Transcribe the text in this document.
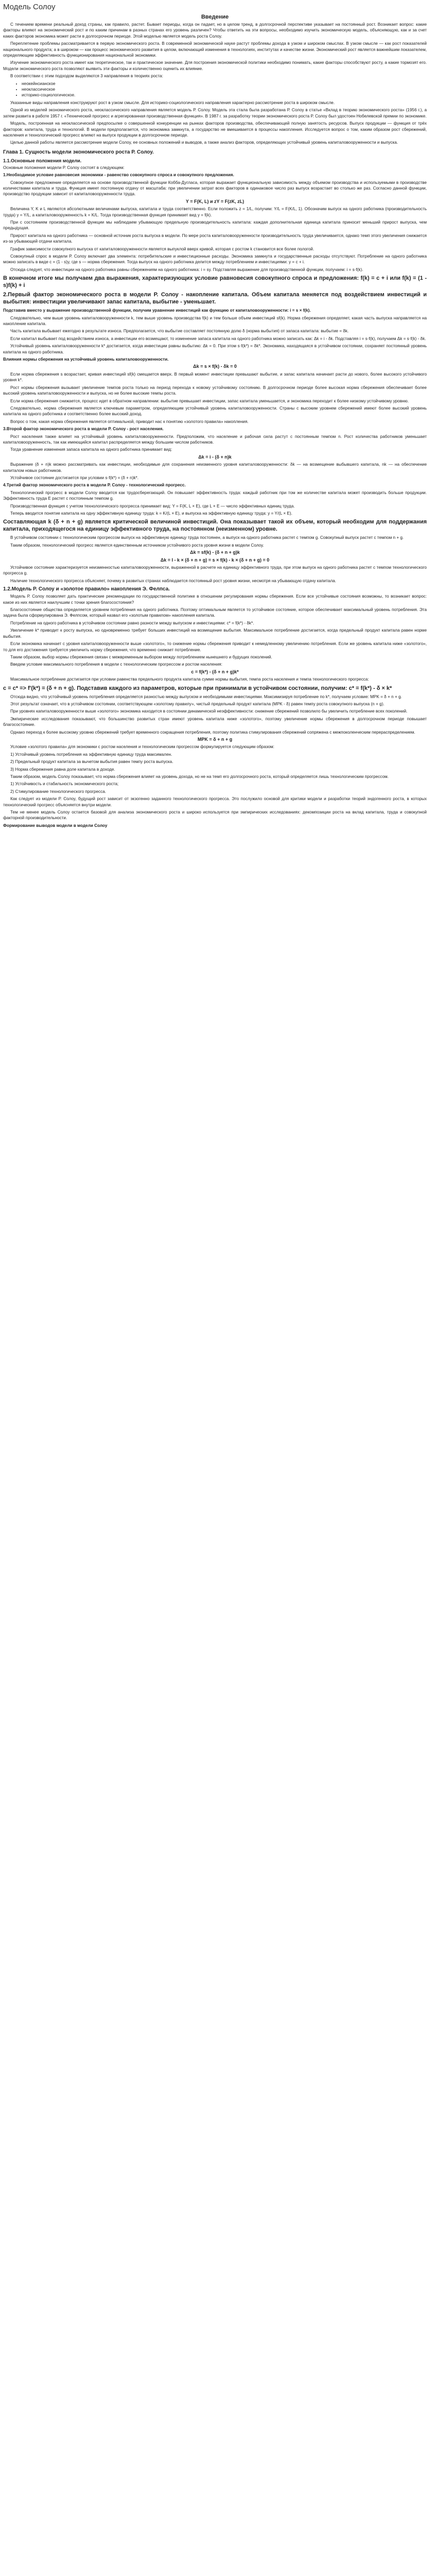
Модель Солоу
Введение

С течением времени реальный доход страны, как правило, растет. Бывает периоды, когда он падает, но в целом тренд, в долгосрочной перспективе указывает на постоянный рост. Возникает вопрос: какие факторы влияют на экономический рост и по каким причинам в разных странах его уровень различен? Чтобы ответить на эти вопросы, необходимо изучить экономическую модель, объясняющую, как и за счет каких факторов экономика может расти в долгосрочном периоде. Этой моделью является модель роста Солоу.

Переплетение проблемы рассматривается в первую экономического роста. В современной экономической науке растут проблемы дохода в узком и широком смыслах. В узком смысле — как рост показателей национального продукта; а в широком — как процесс экономического развития в целом, включающий изменения в технологиях, институтах и качестве жизни. Экономический рост является важнейшим показателем, определяющим эффективность функционирования национальной экономики.

Изучение экономического роста имеет как теоретическое, так и практическое значение. Для построения экономической политики необходимо понимать, какие факторы способствуют росту, а какие тормозят его. Модели экономического роста позволяют выявить эти факторы и количественно оценить их влияние.

В соответствии с этим подходом выделяются 3 направления в теориях роста:

• неокейнсианское
• неоклассическое
• историко-социологическое.

Указанные виды направления конструируют рост в узком смысле. Для историко-социологического направления характерно рассмотрение роста в широком смысле.

Одной из моделей экономического роста, неоклассического направления является модель Р. Солоу. Модель эта стала была разработана Р. Солоу в статье «Вклад в теорию экономического роста» (1956 г.), а затем развита в работе 1957 г. «Технический прогресс и агрегированная производственная функция». В 1987 г. за разработку теории экономического роста Р. Солоу был удостоен Нобелевской премии по экономике.

Модель, построенная на неоклассической предпосылке о совершенной конкуренции на рынках факторов производства, обеспечивающей полную занятость ресурсов. Выпуск продукции — функция от трёх факторов: капитала, труда и технологий. В модели предполагается, что экономика замкнута, а государство не вмешивается в процессы накопления. Исследуется вопрос о том, каким образом рост сбережений, населения и технологический прогресс влияют на выпуск продукции в долгосрочном периоде.

Целью данной работы является рассмотрение модели Солоу, ее основных положений и выводов, а также анализ факторов, определяющих устойчивый уровень капиталовооруженности и выпуска.

Глава 1. Сущность модели экономического роста Р. Солоу.
1.1.Основные положения модели.

Основные положения модели Р. Солоу состоят в следующем:

1.Необходимое условие равновесия экономики - равенство совокупного спроса и совокупного предложения.

Совокупное предложение определяется на основе производственной функции Кобба-Дугласа, которая выражает функциональную зависимость между объемом производства и используемыми в производстве количествами капитала и труда. Функция имеет постоянную отдачу от масштаба: при увеличении затрат всех факторов в одинаковое число раз выпуск возрастает во столько же раз. Согласно данной функции, производство продукции зависит от капиталовооруженности труда.

Y = F(K, L) и zY = F(zK, zL)

Величина Y, K и L являются абсолютными величинами выпуска, капитала и труда соответственно. Если положить z = 1/L, получим: Y/L = F(K/L, 1). Обозначим выпуск на одного работника (производительность труда) y = Y/L, а капиталовооруженность k = K/L. Тогда производственная функция принимает вид y = f(k).

При с состоянием производственной функции мы наблюдаем убывающую предельную производительность капитала: каждая дополнительная единица капитала приносит меньший прирост выпуска, чем предыдущая.

Прирост капитала на одного работника — основной источник роста выпуска в модели. По мере роста капиталовооруженности производительность труда увеличивается, однако темп этого увеличения снижается из-за убывающей отдачи капитала.

График зависимости совокупного выпуска от капиталовооруженности является выпуклой вверх кривой, которая с ростом k становится все более пологой.

Совокупный спрос в модели Р. Солоу включает два элемента: потребительские и инвестиционные расходы. Экономика замкнута и государственные расходы отсутствуют. Потребление на одного работника можно записать в виде c = (1 - s)y, где s — норма сбережения. Тогда выпуск на одного работника делится между потреблением и инвестициями: y = c + i.

Отсюда следует, что инвестиции на одного работника равны сбережениям на одного работника: i = sy. Подставляя выражение для производственной функции, получаем: i = s·f(k).

В конечном итоге мы получаем два выражения, характеризующих условие равновесия совокупного спроса и предложения: f(k) = c + i или f(k) = (1 - s)f(k) + i

2.Первый фактор экономического роста в модели Р. Солоу - накопление капитала. Объем капитала меняется под воздействием инвестиций и выбытия: инвестиции увеличивают запас капитала, выбытие - уменьшает.

Подставив вместо у выражение производственной функции, получим уравнение инвестиций как функцию от капиталовооруженности: i = s × f(k).

Следовательно, чем выше уровень капиталовооруженности k, тем выше уровень производства f(k) и тем больше объем инвестиций sf(k). Норма сбережения определяет, какая часть выпуска направляется на накопление капитала.

Часть капитала выбывает ежегодно в результате износа. Предполагается, что выбытие составляет постоянную долю δ (норма выбытия) от запаса капитала: выбытие = δk.

Если капитал выбывает под воздействием износа, а инвестиции его возмещают, то изменение запаса капитала на одного работника можно записать как: Δk = i - δk. Подставляя i = s·f(k), получаем Δk = s·f(k) - δk.

Устойчивый уровень капиталовооруженности k* достигается, когда инвестиции равны выбытию: Δk = 0. При этом s·f(k*) = δk*. Экономика, находящаяся в устойчивом состоянии, сохраняет постоянный уровень капитала на одного работника.

Влияния нормы сбережения на устойчивый уровень капиталовооруженности.

Δk = s × f(k) - δk = 0

Если норма сбережения s возрастает, кривая инвестиций sf(k) смещается вверх. В первый момент инвестиции превышают выбытие, и запас капитала начинает расти до нового, более высокого устойчивого уровня k*.

Рост нормы сбережения вызывает увеличение темпов роста только на период перехода к новому устойчивому состоянию. В долгосрочном периоде более высокая норма сбережения обеспечивает более высокий уровень капиталовооруженности и выпуска, но не более высокие темпы роста.

Если норма сбережения снижается, процесс идет в обратном направлении: выбытие превышает инвестиции, запас капитала уменьшается, и экономика переходит к более низкому устойчивому уровню.

Следовательно, норма сбережения является ключевым параметром, определяющим устойчивый уровень капиталовооруженности. Страны с высоким уровнем сбережений имеют более высокий уровень капитала на одного работника и соответственно более высокий доход.

Вопрос о том, какая норма сбережения является оптимальной, приводит нас к понятию «золотого правила» накопления.

3.Второй фактор экономического роста в модели Р. Солоу - рост населения.

Рост населения также влияет на устойчивый уровень капиталовооруженности. Предположим, что население и рабочая сила растут с постоянным темпом n. Рост количества работников уменьшает капиталовооруженность, так как имеющийся капитал распределяется между большим числом работников.

Тогда уравнение изменения запаса капитала на одного работника принимает вид:

Δk = i - (δ + n)k

Выражение (δ + n)k можно рассматривать как инвестиции, необходимые для сохранения неизменного уровня капиталовооруженности: δk — на возмещение выбывшего капитала, nk — на обеспечение капиталом новых работников.

Устойчивое состояние достигается при условии s·f(k*) = (δ + n)k*.

4.Третий фактор экономического роста в модели Р. Солоу - технологический прогресс.

Технологический прогресс в модели Солоу вводится как трудосберегающий. Он повышает эффективность труда: каждый работник при том же количестве капитала может производить больше продукции. Эффективность труда E растет с постоянным темпом g.

Производственная функция с учетом технологического прогресса принимает вид: Y = F(K, L × E), где L × E — число эффективных единиц труда.

Теперь вводится понятие капитала на одну эффективную единицу труда: k = K/(L × E), и выпуска на эффективную единицу труда: y = Y/(L × E).

Составляющая k (δ + n + g) является критической величиной инвестиций. Она показывает такой их объем, который необходим для поддержания капитала, приходящегося на единицу эффективного труда, на постоянном (неизменном) уровне.

В устойчивом состоянии с технологическим прогрессом выпуск на эффективную единицу труда постоянен, а выпуск на одного работника растет с темпом g. Совокупный выпуск растет с темпом n + g.

Таким образом, технологический прогресс является единственным источником устойчивого роста уровня жизни в модели Солоу.

Δk = sf(k) - (δ + n + g)k

Δk = I - k × (δ + n + g) = s × f(k) - k × (δ + n + g) = 0

Устойчивое состояние характеризуется неизменностью капиталовооруженности, выраженной в расчете на единицу эффективного труда, при этом выпуск на одного работника растет с темпом технологического прогресса g.

Наличие технологического прогресса объясняет, почему в развитых странах наблюдается постоянный рост уровня жизни, несмотря на убывающую отдачу капитала.

1.2.Модель Р. Солоу и «золотое правило» накопления Э. Фелпса.

Модель Р. Солоу позволяет дать практические рекомендации по государственной политике в отношении регулирования нормы сбережения. Если все устойчивые состояния возможны, то возникает вопрос: какое из них является наилучшим с точки зрения благосостояния?

Благосостояние общества определяется уровнем потребления на одного работника. Поэтому оптимальным является то устойчивое состояние, которое обеспечивает максимальный уровень потребления. Эта задача была сформулирована Э. Фелпсом, который назвал его «золотым правилом» накопления капитала.

Потребление на одного работника в устойчивом состоянии равно разности между выпуском и инвестициями: c* = f(k*) - δk*.

Увеличение k* приводит к росту выпуска, но одновременно требует больших инвестиций на возмещение выбытия. Максимальное потребление достигается, когда предельный продукт капитала равен норме выбытия.

Если экономика начинает с уровня капиталовооруженности выше «золотого», то снижение нормы сбережения приводит к немедленному увеличению потребления. Если же уровень капитала ниже «золотого», то для его достижения требуется увеличить норму сбережения, что временно снижает потребление.

Таким образом, выбор нормы сбережения связан с межвременным выбором между потреблением нынешнего и будущих поколений.

Введем условие максимального потребления в модели с технологическим прогрессом и ростом населения:

c = f(k*) - (δ + n + g)k*

Максимальное потребление достигается при условии равенства предельного продукта капитала сумме нормы выбытия, темпа роста населения и темпа технологического прогресса:

c = c* => f′(k*) = (δ + n + g). Подставив каждого из параметров, которые при принимали в устойчивом состоянии, получим: c* = f(k*) - δ × k*

Отсюда видно, что устойчивый уровень потребления определяется разностью между выпуском и необходимыми инвестициями. Максимизируя потребление по k*, получаем условие: MPK = δ + n + g.

Этот результат означает, что в устойчивом состоянии, соответствующем «золотому правилу», чистый предельный продукт капитала (MPK - δ) равен темпу роста совокупного выпуска (n + g).

При уровнях капиталовооруженности выше «золотого» экономика находится в состоянии динамической неэффективности: снижение сбережений позволило бы увеличить потребление всех поколений.

Эмпирические исследования показывают, что большинство развитых стран имеют уровень капитала ниже «золотого», поэтому увеличение нормы сбережения в долгосрочном периоде повышает благосостояние.

Однако переход к более высокому уровню сбережений требует временного сокращения потребления, поэтому политика стимулирования сбережений сопряжена с межпоколенческим перераспределением.

MPK = δ + n + g

Условие «золотого правила» для экономики с ростом населения и технологическим прогрессом формулируется следующим образом:

1) Устойчивый уровень потребления на эффективную единицу труда максимален.

2) Предельный продукт капитала за вычетом выбытия равен темпу роста выпуска.

3) Норма сбережения равна доле капитала в доходе.

Таким образом, модель Солоу показывает, что норма сбережения влияет на уровень дохода, но не на темп его долгосрочного роста, который определяется лишь технологическим прогрессом.

1) Устойчивость и стабильность экономического роста;

2) Стимулирование технологического прогресса.

Как следует из модели Р. Солоу, будущий рост зависит от экзогенно заданного технологического прогресса. Это послужило основой для критики модели и разработки теорий эндогенного роста, в которых технологический прогресс объясняется внутри модели.

Тем не менее модель Солоу остается базовой для анализа экономического роста и широко используется при эмпирических исследованиях: декомпозиции роста на вклад капитала, труда и совокупной факторной производительности.

Формирование выводов модели в модели Солоу
